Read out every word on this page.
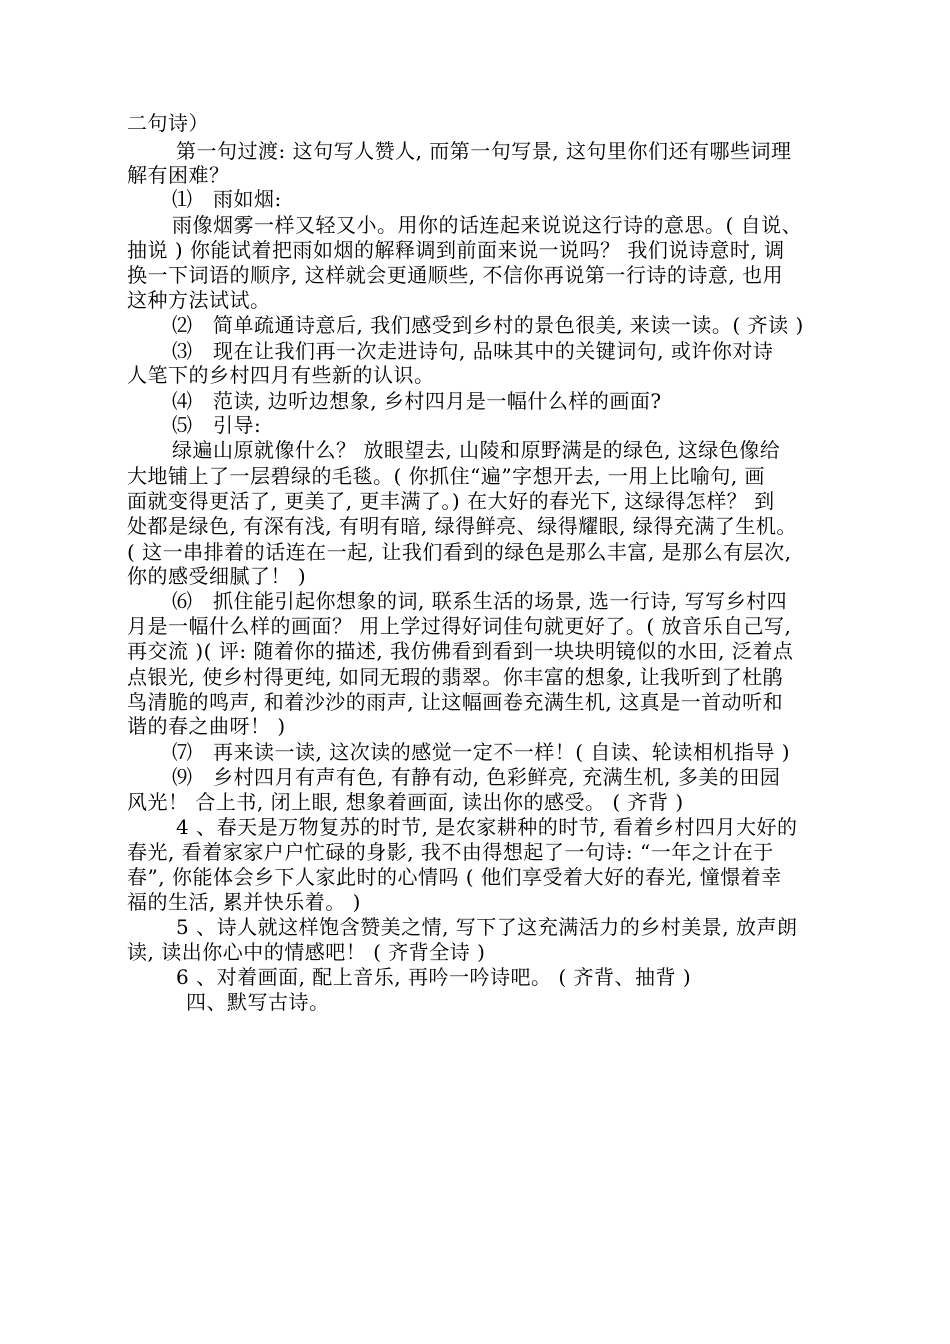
二句诗）

第一句过渡: 这句写人赞人, 而第一句写景, 这句里你们还有哪些词理

解有困难？

⑴　雨如烟:

雨像烟雾一样又轻又小。用你的话连起来说说这行诗的意思。( 自说、

抽说 ) 你能试着把雨如烟的解释调到前面来说一说吗？ 我们说诗意时, 调

换一下词语的顺序, 这样就会更通顺些, 不信你再说第一行诗的诗意, 也用

这种方法试试。

⑵　简单疏通诗意后, 我们感受到乡村的景色很美, 来读一读。( 齐读 )

⑶　现在让我们再一次走进诗句, 品味其中的关键词句, 或许你对诗

人笔下的乡村四月有些新的认识。

⑷　范读, 边听边想象, 乡村四月是一幅什么样的画面?

⑸　引导:

绿遍山原就像什么？ 放眼望去, 山陵和原野满是的绿色, 这绿色像给

大地铺上了一层碧绿的毛毯。( 你抓住“遍”字想开去, 一用上比喻句, 画

面就变得更活了, 更美了, 更丰满了。) 在大好的春光下, 这绿得怎样？ 到

处都是绿色, 有深有浅, 有明有暗, 绿得鲜亮、绿得耀眼, 绿得充满了生机。

( 这一串排着的话连在一起, 让我们看到的绿色是那么丰富, 是那么有层次,

你的感受细腻了！ )

⑹　抓住能引起你想象的词, 联系生活的场景, 选一行诗, 写写乡村四

月是一幅什么样的画面？ 用上学过得好词佳句就更好了。( 放音乐自己写,

再交流 )( 评: 随着你的描述, 我仿佛看到看到一块块明镜似的水田, 泛着点

点银光, 使乡村得更纯, 如同无瑕的翡翠。你丰富的想象, 让我听到了杜鹃

鸟清脆的鸣声, 和着沙沙的雨声, 让这幅画卷充满生机, 这真是一首动听和

谐的春之曲呀！ )

⑺　再来读一读, 这次读的感觉一定不一样！( 自读、轮读相机指导 )

⑼　乡村四月有声有色, 有静有动, 色彩鲜亮, 充满生机, 多美的田园

风光！ 合上书, 闭上眼, 想象着画面, 读出你的感受。 ( 齐背 )

4 、春天是万物复苏的时节, 是农家耕种的时节, 看着乡村四月大好的

春光, 看着家家户户忙碌的身影, 我不由得想起了一句诗: “一年之计在于

春”, 你能体会乡下人家此时的心情吗 ( 他们享受着大好的春光, 憧憬着幸

福的生活, 累并快乐着。 )

5 、诗人就这样饱含赞美之情, 写下了这充满活力的乡村美景, 放声朗

读, 读出你心中的情感吧！ ( 齐背全诗 )

6 、对着画面, 配上音乐, 再吟一吟诗吧。 ( 齐背、抽背 )

四、默写古诗。
